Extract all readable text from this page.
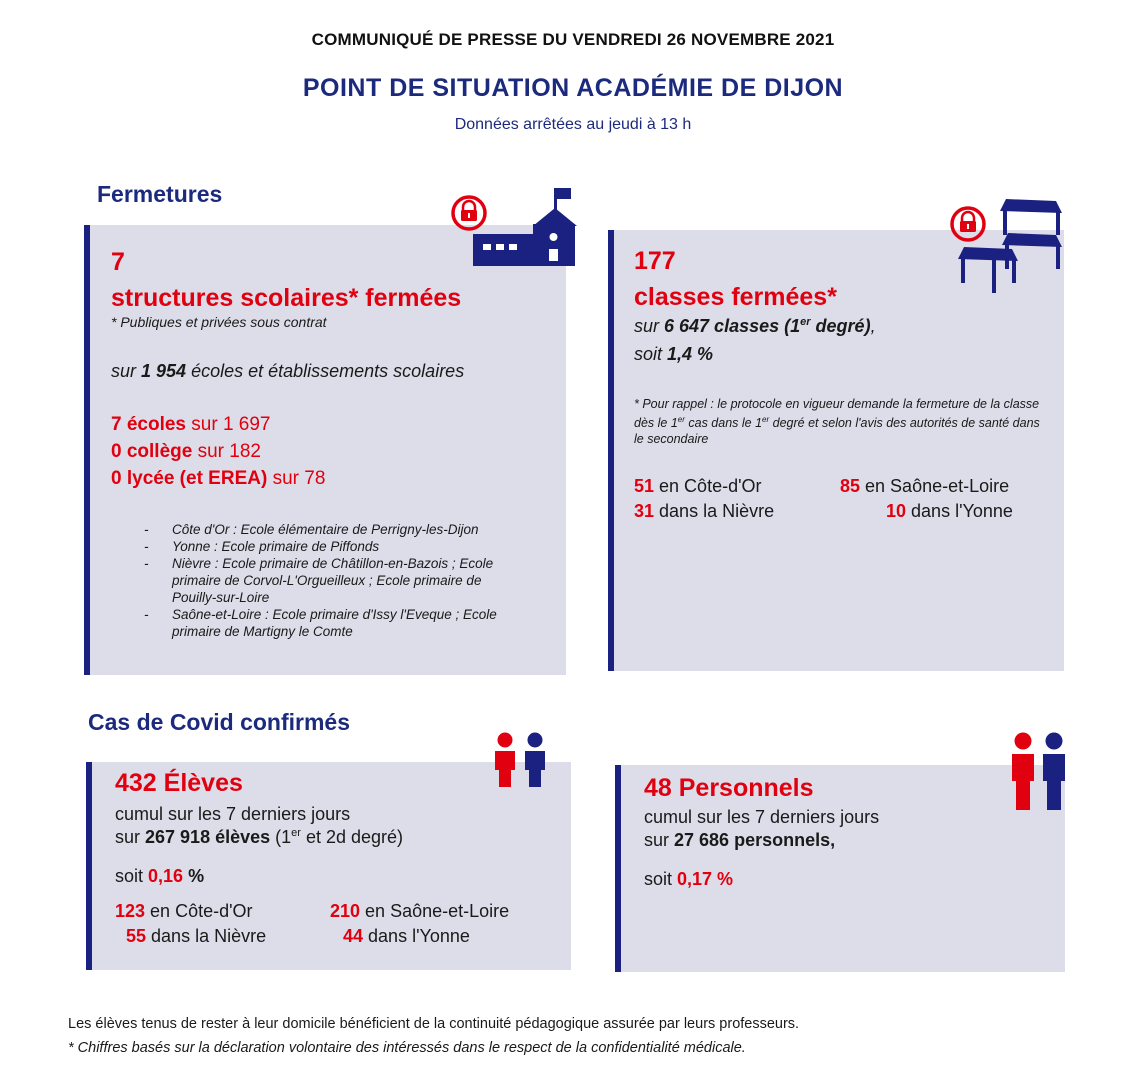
COMMUNIQUÉ DE PRESSE DU VENDREDI 26 NOVEMBRE 2021
POINT DE SITUATION ACADÉMIE DE DIJON
Données arrêtées au jeudi à 13 h
Fermetures
7
structures scolaires* fermées
* Publiques et privées sous contrat
sur 1 954 écoles et établissements scolaires
7 écoles sur 1 697
0 collège sur 182
0 lycée (et EREA) sur 78
-	Côte d'Or : Ecole élémentaire de Perrigny-les-Dijon
-	Yonne : Ecole primaire de Piffonds
-	Nièvre : Ecole primaire de Châtillon-en-Bazois ; Ecole primaire de Corvol-L'Orgueilleux ; Ecole primaire de Pouilly-sur-Loire
-	Saône-et-Loire : Ecole primaire d'Issy l'Eveque ; Ecole primaire de Martigny le Comte
177
classes fermées*
sur 6 647 classes (1er degré),
soit 1,4 %
* Pour rappel : le protocole en vigueur demande la fermeture de la classe dès le 1er cas dans le 1er degré et selon l'avis des autorités de santé dans le secondaire
51 en Côte-d'Or	85 en Saône-et-Loire
31 dans la Nièvre	10 dans l'Yonne
Cas de Covid confirmés
432 Élèves
cumul sur les 7 derniers jours
sur 267 918 élèves (1er et 2d degré)
soit 0,16 %
123 en Côte-d'Or	210 en Saône-et-Loire
55 dans la Nièvre	44 dans l'Yonne
48 Personnels
cumul sur les 7 derniers jours
sur 27 686 personnels,
soit 0,17 %
Les élèves tenus de rester à leur domicile bénéficient de la continuité pédagogique assurée par leurs professeurs.
* Chiffres basés sur la déclaration volontaire des intéressés dans le respect de la confidentialité médicale.
